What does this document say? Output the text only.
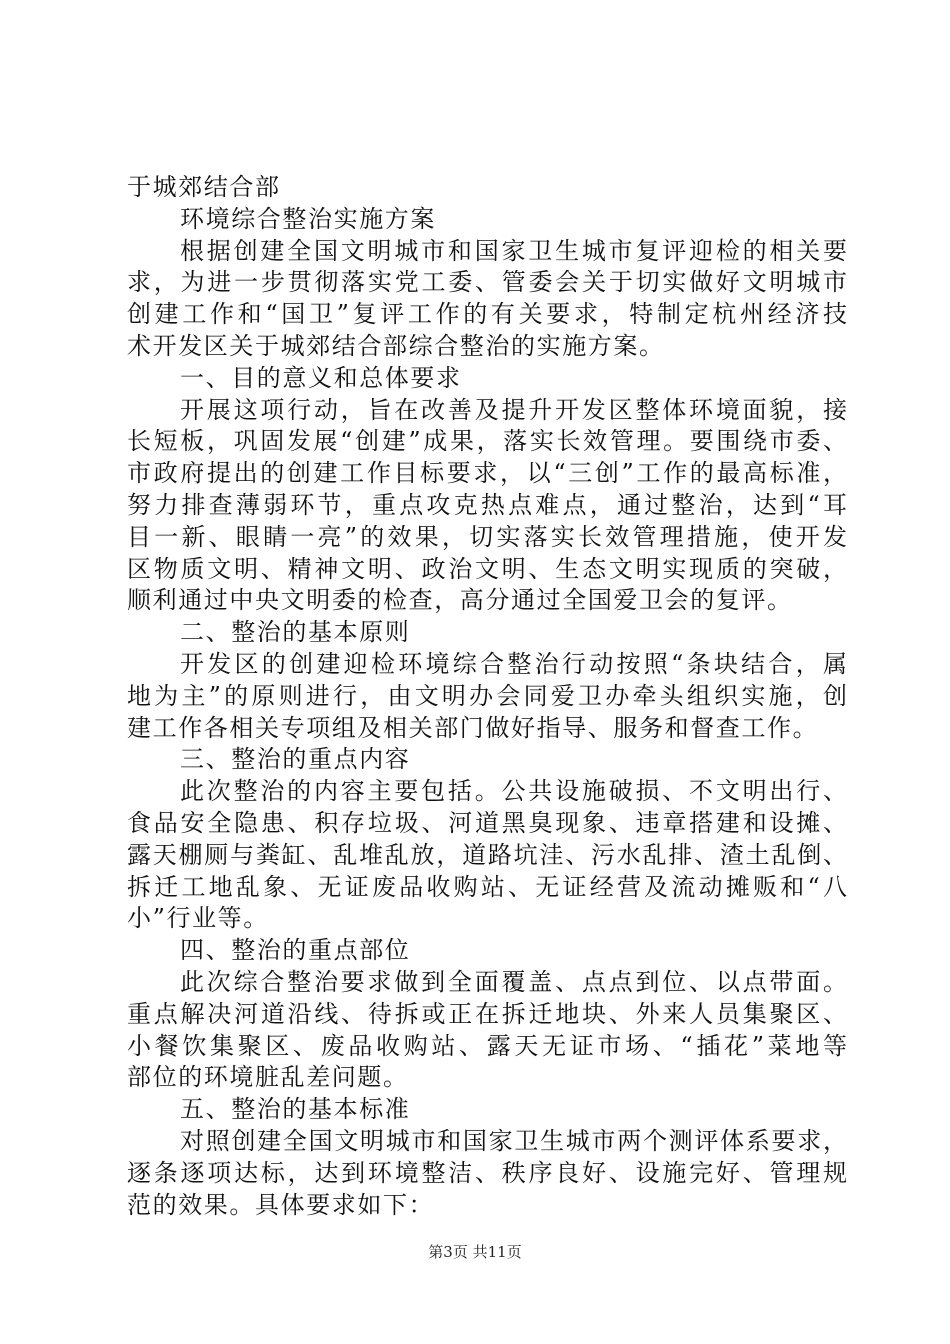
于城郊结合部
环境综合整治实施方案
根据创建全国文明城市和国家卫生城市复评迎检的相关要
求，为进一步贯彻落实党工委、管委会关于切实做好文明城市
创建工作和“国卫”复评工作的有关要求，特制定杭州经济技
术开发区关于城郊结合部综合整治的实施方案。
一、目的意义和总体要求
开展这项行动，旨在改善及提升开发区整体环境面貌，接
长短板，巩固发展“创建”成果，落实长效管理。要围绕市委、
市政府提出的创建工作目标要求，以“三创”工作的最高标准，
努力排查薄弱环节，重点攻克热点难点，通过整治，达到“耳
目一新、眼睛一亮”的效果，切实落实长效管理措施，使开发
区物质文明、精神文明、政治文明、生态文明实现质的突破，
顺利通过中央文明委的检查，高分通过全国爱卫会的复评。
二、整治的基本原则
开发区的创建迎检环境综合整治行动按照“条块结合，属
地为主”的原则进行，由文明办会同爱卫办牵头组织实施，创
建工作各相关专项组及相关部门做好指导、服务和督查工作。
三、整治的重点内容
此次整治的内容主要包括。公共设施破损、不文明出行、
食品安全隐患、积存垃圾、河道黑臭现象、违章搭建和设摊、
露天棚厕与粪缸、乱堆乱放，道路坑洼、污水乱排、渣土乱倒、
拆迁工地乱象、无证废品收购站、无证经营及流动摊贩和“八
小”行业等。
四、整治的重点部位
此次综合整治要求做到全面覆盖、点点到位、以点带面。
重点解决河道沿线、待拆或正在拆迁地块、外来人员集聚区、
小餐饮集聚区、废品收购站、露天无证市场、“插花”菜地等
部位的环境脏乱差问题。
五、整治的基本标准
对照创建全国文明城市和国家卫生城市两个测评体系要求，
逐条逐项达标，达到环境整洁、秩序良好、设施完好、管理规
范的效果。具体要求如下：
第3页 共11页
